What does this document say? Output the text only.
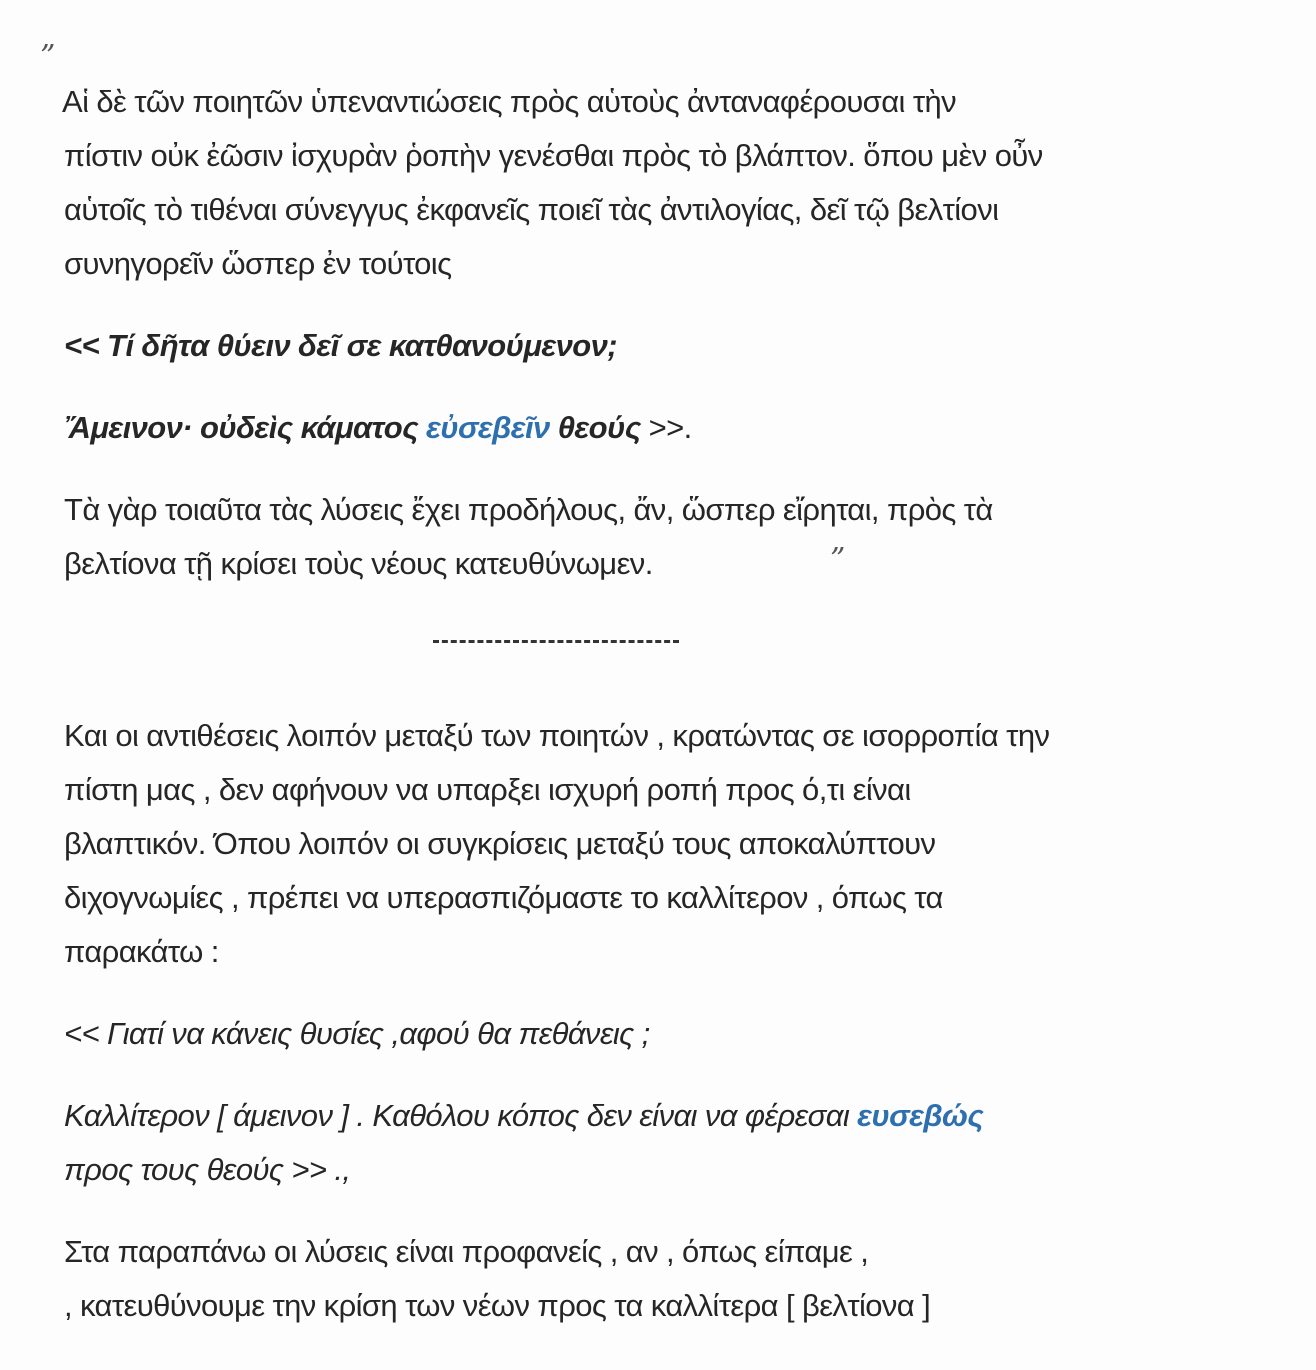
”
”
Αἱ δὲ τῶν ποιητῶν ὑπεναντιώσεις πρὸς αὑτοὺς ἀνταναφέρουσαι τὴν
πίστιν οὐκ ἐῶσιν ἰσχυρὰν ῥοπὴν γενέσθαι πρὸς τὸ βλάπτον. ὅπου μὲν οὖν
αὑτοῖς τὸ τιθέναι σύνεγγυς ἐκφανεῖς ποιεῖ τὰς ἀντιλογίας, δεῖ τῷ βελτίονι
συνηγορεῖν ὥσπερ ἐν τούτοις
<< Τί δῆτα θύειν δεῖ σε κατθανούμενον;
Ἄμεινον· οὐδεὶς κάματος εὐσεβεῖν θεούς >>.
Τὰ γὰρ τοιαῦτα τὰς λύσεις ἔχει προδήλους, ἄν, ὥσπερ εἴρηται, πρὸς τὰ
βελτίονα τῇ κρίσει τοὺς νέους κατευθύνωμεν.
Και οι αντιθέσεις λοιπόν μεταξύ των ποιητών , κρατώντας σε ισορροπία την
πίστη μας , δεν αφήνουν να υπαρξει ισχυρή ροπή προς ό,τι είναι
βλαπτικόν. Όπου λοιπόν οι συγκρίσεις μεταξύ τους αποκαλύπτουν
διχογνωμίες , πρέπει να υπερασπιζόμαστε το καλλίτερον , όπως τα
παρακάτω :
<< Γιατί να κάνεις θυσίες ,αφού θα πεθάνεις ;
Καλλίτερον [ άμεινον ] . Καθόλου κόπος δεν είναι να φέρεσαι ευσεβώς
προς τους θεούς >> .,
Στα παραπάνω οι λύσεις είναι προφανείς , αν , όπως είπαμε ,
, κατευθύνουμε την κρίση των νέων προς τα καλλίτερα [ βελτίονα ]
